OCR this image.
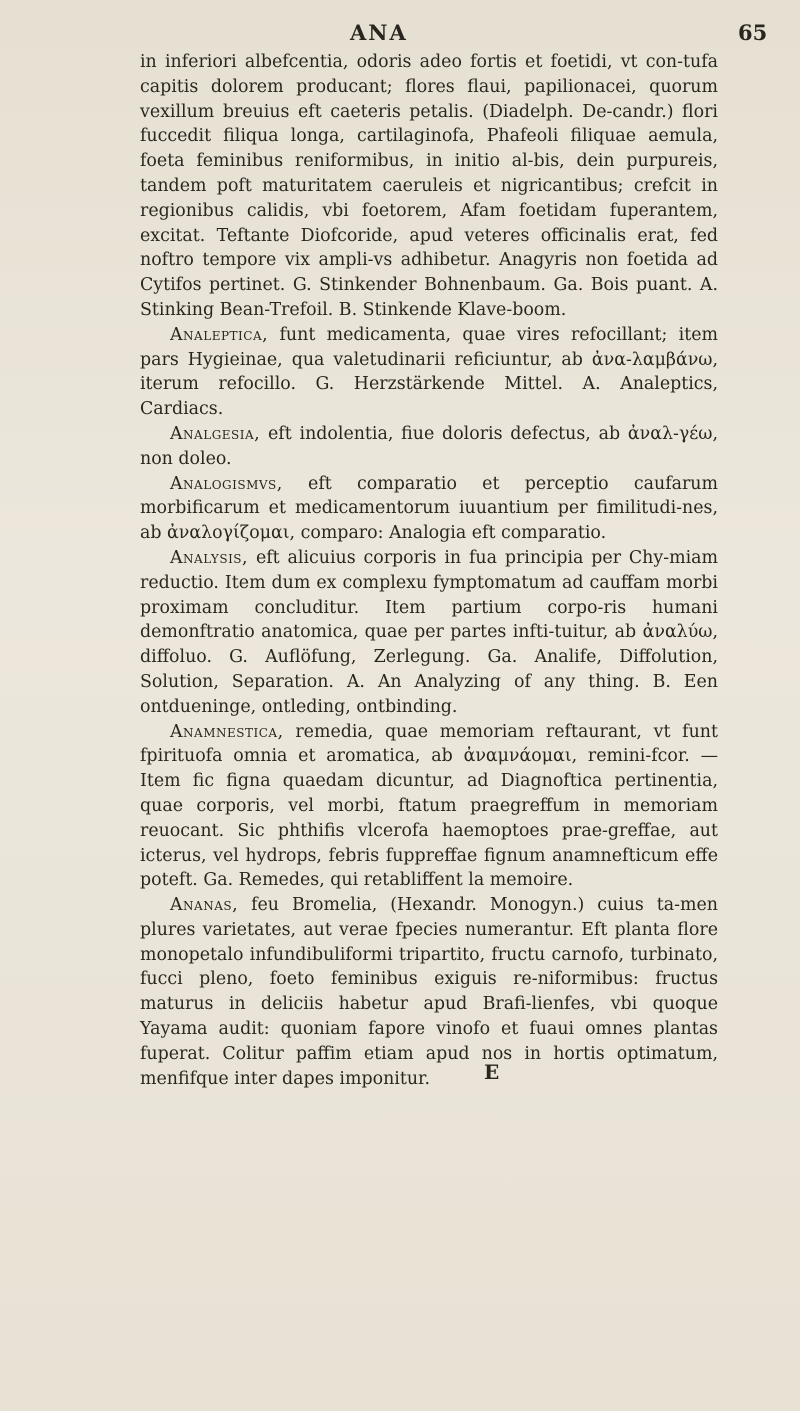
ANA	65

in inferiori albefcentia, odoris adeo fortis et foetidi, vt con-tufa capitis dolorem producant; flores flaui, papilionacei, quorum vexillum breuius eft caeteris petalis. (Diadelph. De-candr.) flori fuccedit filiqua longa, cartilaginofa, Phafeoli filiquae aemula, foeta feminibus reniformibus, in initio al-bis, dein purpureis, tandem poft maturitatem caeruleis et nigricantibus; crefcit in regionibus calidis, vbi foetorem, Afam foetidam fuperantem, excitat. Teftante Diofcoride, apud veteres officinalis erat, fed noftro tempore vix ampli-vs adhibetur. Anagyris non foetida ad Cytifos pertinet. G. Stinkender Bohnenbaum. Ga. Bois puant. A. Stinking Bean-Trefoil. B. Stinkende Klave-boom.

Analeptica, funt medicamenta, quae vires refocillant; item pars Hygieinae, qua valetudinarii reficiuntur, ab ἀνα-λαμβάνω, iterum refocillo. G. Herzstärkende Mittel. A. Analeptics, Cardiacs.

Analgesia, eft indolentia, fiue doloris defectus, ab ἀναλ-γέω, non doleo.

Analogismvs, eft comparatio et perceptio caufarum morbificarum et medicamentorum iuuantium per fimilitudi-nes, ab ἀναλογίζομαι, comparo: Analogia eft comparatio.

Analysis, eft alicuius corporis in fua principia per Chy-miam reductio. Item dum ex complexu fymptomatum ad cauffam morbi proximam concluditur. Item partium corpo-ris humani demonftratio anatomica, quae per partes infti-tuitur, ab ἀναλύω, diffoluo. G. Auflöfung, Zerlegung. Ga. Analife, Diffolution, Solution, Separation. A. An Analyzing of any thing. B. Een ontdueninge, ontleding, ontbinding.

Anamnestica, remedia, quae memoriam reftaurant, vt funt fpirituofa omnia et aromatica, ab ἀναμνάομαι, remini-fcor. — Item fic figna quaedam dicuntur, ad Diagnoftica pertinentia, quae corporis, vel morbi, ftatum praegreffum in memoriam reuocant. Sic phthifis vlcerofa haemoptoes prae-greffae, aut icterus, vel hydrops, febris fuppreffae fignum anamnefticum effe poteft. Ga. Remedes, qui retabliffent la memoire.

Ananas, feu Bromelia, (Hexandr. Monogyn.) cuius ta-men plures varietates, aut verae fpecies numerantur. Eft planta flore monopetalo infundibuliformi tripartito, fructu carnofo, turbinato, fucci pleno, foeto feminibus exiguis re-niformibus: fructus maturus in deliciis habetur apud Brafi-lienfes, vbi quoque Yayama audit: quoniam fapore vinofo et fuaui omnes plantas fuperat. Colitur paffim etiam apud nos in hortis optimatum, menfifque inter dapes imponitur.	E
